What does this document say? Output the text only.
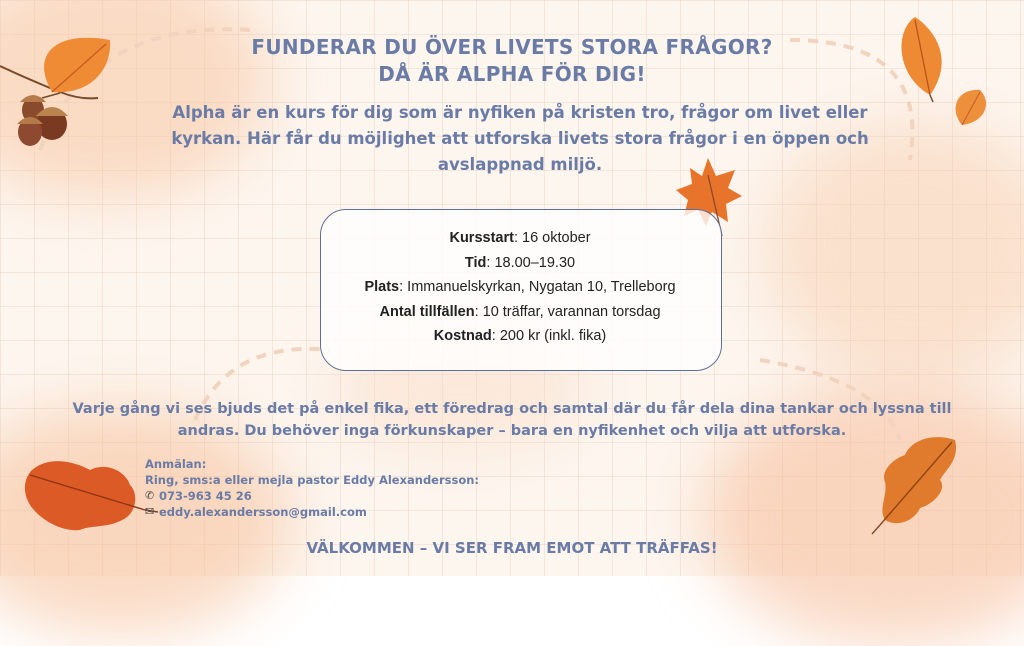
FUNDERAR DU ÖVER LIVETS STORA FRÅGOR?
DÅ ÄR ALPHA FÖR DIG!

Alpha är en kurs för dig som är nyfiken på kristen tro, frågor om livet eller kyrkan. Här får du möjlighet att utforska livets stora frågor i en öppen och avslappnad miljö.

Kursstart: 16 oktober
Tid: 18.00–19.30
Plats: Immanuelskyrkan, Nygatan 10, Trelleborg
Antal tillfällen: 10 träffar, varannan torsdag
Kostnad: 200 kr (inkl. fika)

Varje gång vi ses bjuds det på enkel fika, ett föredrag och samtal där du får dela dina tankar och lyssna till andras. Du behöver inga förkunskaper – bara en nyfikenhet och vilja att utforska.

Anmälan:
Ring, sms:a eller mejla pastor Eddy Alexandersson:
✆ 073-963 45 26
✉ eddy.alexandersson@gmail.com

VÄLKOMMEN – VI SER FRAM EMOT ATT TRÄFFAS!
